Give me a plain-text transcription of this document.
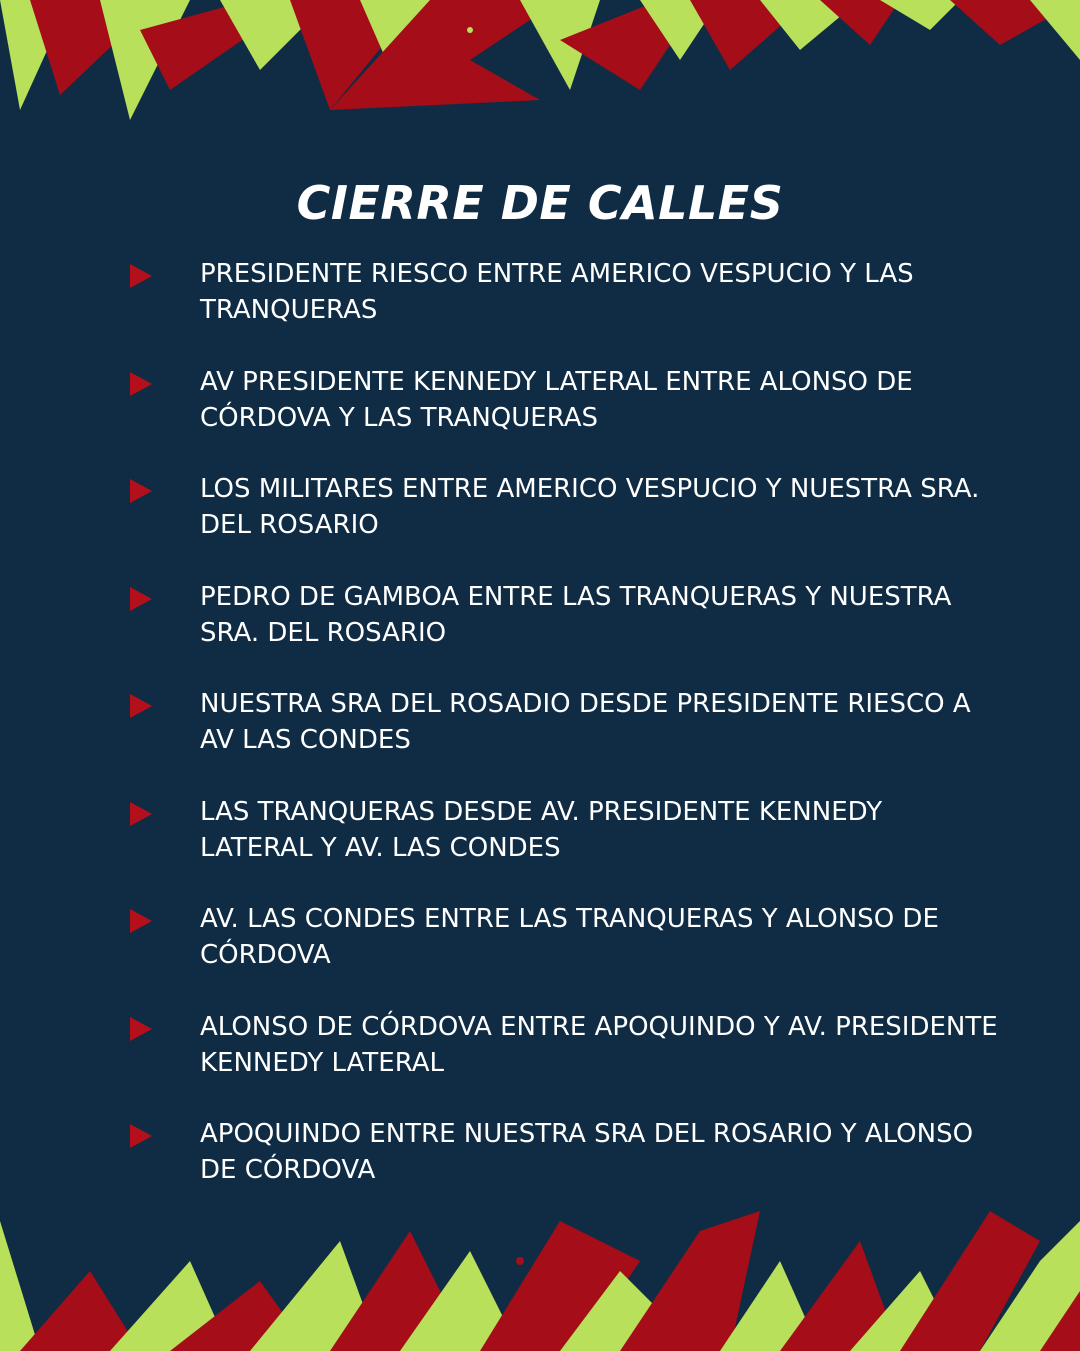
CIERRE DE CALLES
PRESIDENTE RIESCO ENTRE AMERICO VESPUCIO Y LAS TRANQUERAS
AV PRESIDENTE KENNEDY LATERAL ENTRE ALONSO DE CÓRDOVA Y LAS TRANQUERAS
LOS MILITARES ENTRE AMERICO VESPUCIO Y NUESTRA SRA. DEL ROSARIO
PEDRO DE GAMBOA ENTRE LAS TRANQUERAS Y NUESTRA SRA. DEL ROSARIO
NUESTRA SRA DEL ROSADIO DESDE PRESIDENTE RIESCO A AV LAS CONDES
LAS TRANQUERAS DESDE AV. PRESIDENTE KENNEDY LATERAL Y AV. LAS CONDES
AV. LAS CONDES ENTRE LAS TRANQUERAS Y ALONSO DE CÓRDOVA
ALONSO DE CÓRDOVA ENTRE APOQUINDO Y AV. PRESIDENTE KENNEDY LATERAL
APOQUINDO ENTRE NUESTRA SRA DEL ROSARIO Y ALONSO DE CÓRDOVA
